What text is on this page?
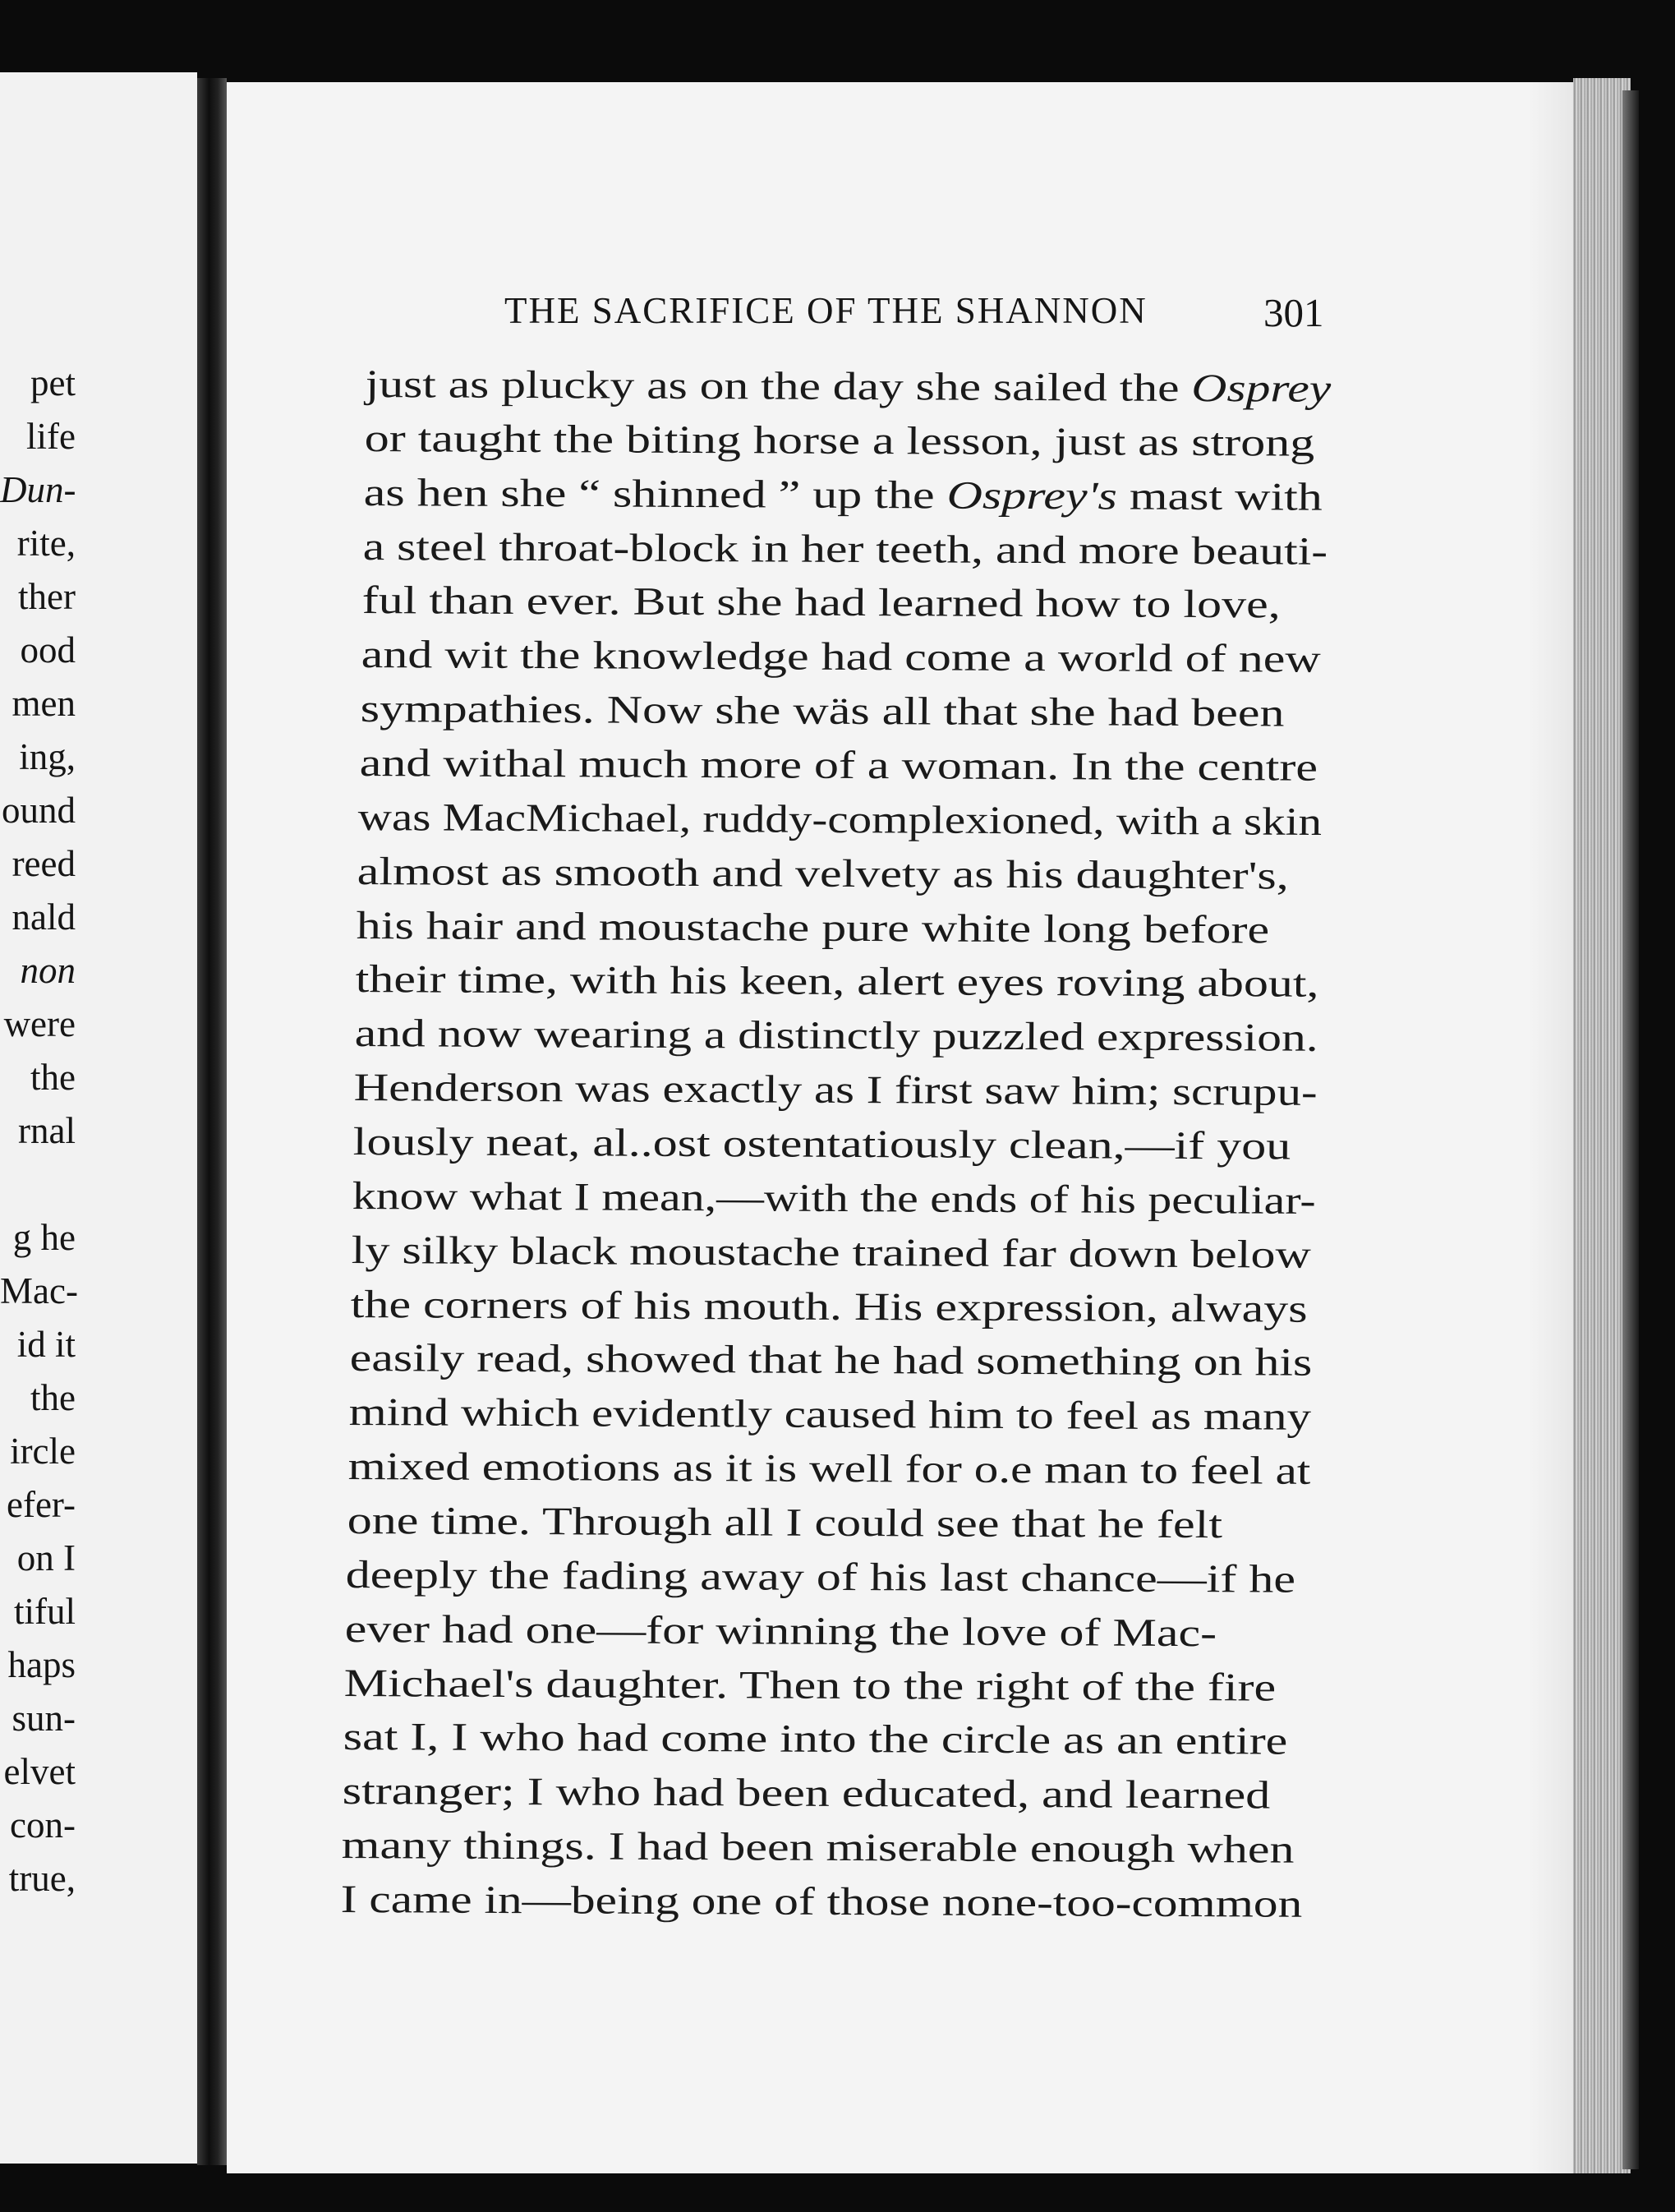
pet
life
Dun-
rite,
ther
ood
men
ing,
ound
reed
nald
non
were
the
rnal
g he
Mac-
id it
the
ircle
efer-
on I
tiful
haps
sun-
elvet
con-
true,
THE SACRIFICE OF THE SHANNON	301
just as plucky as on the day she sailed the Osprey
or taught the biting horse a lesson, just as strong
as hen she “ shinned ” up the Osprey's mast with
a steel throat-block in her teeth, and more beauti-
ful than ever. But she had learned how to love,
and wit the knowledge had come a world of new
sympathies. Now she wäs all that she had been
and withal much more of a woman. In the centre
was MacMichael, ruddy-complexioned, with a skin
almost as smooth and velvety as his daughter's,
his hair and moustache pure white long before
their time, with his keen, alert eyes roving about,
and now wearing a distinctly puzzled expression.
Henderson was exactly as I first saw him; scrupu-
lously neat, al..ost ostentatiously clean,—if you
know what I mean,—with the ends of his peculiar-
ly silky black moustache trained far down below
the corners of his mouth. His expression, always
easily read, showed that he had something on his
mind which evidently caused him to feel as many
mixed emotions as it is well for o.e man to feel at
one time. Through all I could see that he felt
deeply the fading away of his last chance—if he
ever had one—for winning the love of Mac-
Michael's daughter. Then to the right of the fire
sat I, I who had come into the circle as an entire
stranger; I who had been educated, and learned
many things. I had been miserable enough when
I came in—being one of those none-too-common
